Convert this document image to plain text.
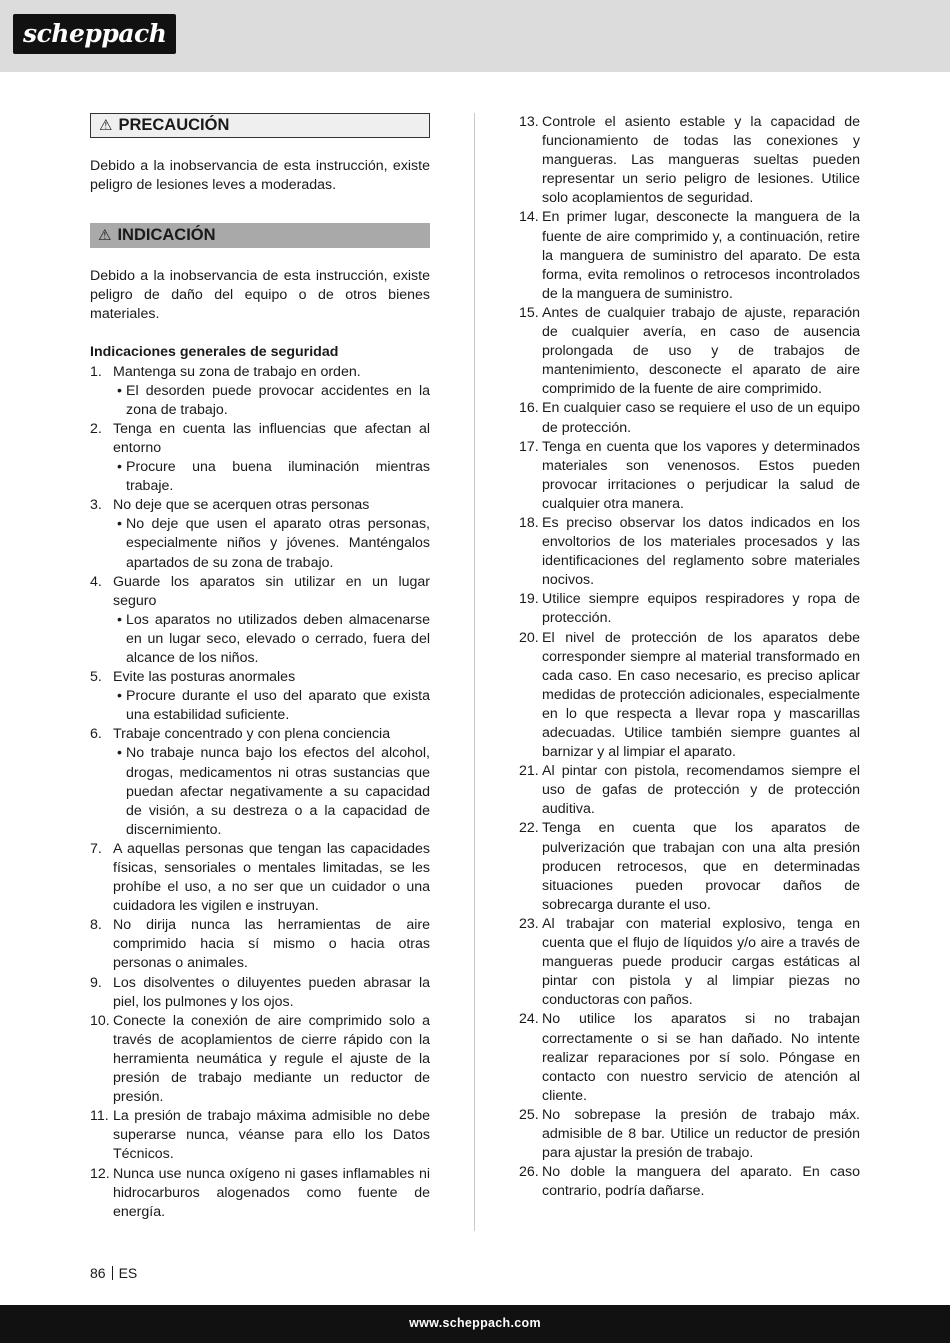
scheppach
⚠ PRECAUCIÓN

Debido a la inobservancia de esta instrucción, existe peligro de lesiones leves a moderadas.

⚠ INDICACIÓN

Debido a la inobservancia de esta instrucción, existe peligro de daño del equipo o de otros bienes materiales.

Indicaciones generales de seguridad
1. Mantenga su zona de trabajo en orden.
• El desorden puede provocar accidentes en la zona de trabajo.
2. Tenga en cuenta las influencias que afectan al entorno
• Procure una buena iluminación mientras trabaje.
3. No deje que se acerquen otras personas
• No deje que usen el aparato otras personas, especialmente niños y jóvenes. Manténgalos apartados de su zona de trabajo.
4. Guarde los aparatos sin utilizar en un lugar seguro
• Los aparatos no utilizados deben almacenarse en un lugar seco, elevado o cerrado, fuera del alcance de los niños.
5. Evite las posturas anormales
• Procure durante el uso del aparato que exista una estabilidad suficiente.
6. Trabaje concentrado y con plena conciencia
• No trabaje nunca bajo los efectos del alcohol, drogas, medicamentos ni otras sustancias que puedan afectar negativamente a su capacidad de visión, a su destreza o a la capacidad de discernimiento.
7. A aquellas personas que tengan las capacidades físicas, sensoriales o mentales limitadas, se les prohíbe el uso, a no ser que un cuidador o una cuidadora les vigilen e instruyan.
8. No dirija nunca las herramientas de aire comprimido hacia sí mismo o hacia otras personas o animales.
9. Los disolventes o diluyentes pueden abrasar la piel, los pulmones y los ojos.
10. Conecte la conexión de aire comprimido solo a través de acoplamientos de cierre rápido con la herramienta neumática y regule el ajuste de la presión de trabajo mediante un reductor de presión.
11. La presión de trabajo máxima admisible no debe superarse nunca, véanse para ello los Datos Técnicos.
12. Nunca use nunca oxígeno ni gases inflamables ni hidrocarburos alogenados como fuente de energía.
13. Controle el asiento estable y la capacidad de funcionamiento de todas las conexiones y mangueras. Las mangueras sueltas pueden representar un serio peligro de lesiones. Utilice solo acoplamientos de seguridad.
14. En primer lugar, desconecte la manguera de la fuente de aire comprimido y, a continuación, retire la manguera de suministro del aparato. De esta forma, evita remolinos o retrocesos incontrolados de la manguera de suministro.
15. Antes de cualquier trabajo de ajuste, reparación de cualquier avería, en caso de ausencia prolongada de uso y de trabajos de mantenimiento, desconecte el aparato de aire comprimido de la fuente de aire comprimido.
16. En cualquier caso se requiere el uso de un equipo de protección.
17. Tenga en cuenta que los vapores y determinados materiales son venenosos. Estos pueden provocar irritaciones o perjudicar la salud de cualquier otra manera.
18. Es preciso observar los datos indicados en los envoltorios de los materiales procesados y las identificaciones del reglamento sobre materiales nocivos.
19. Utilice siempre equipos respiradores y ropa de protección.
20. El nivel de protección de los aparatos debe corresponder siempre al material transformado en cada caso. En caso necesario, es preciso aplicar medidas de protección adicionales, especialmente en lo que respecta a llevar ropa y mascarillas adecuadas. Utilice también siempre guantes al barnizar y al limpiar el aparato.
21. Al pintar con pistola, recomendamos siempre el uso de gafas de protección y de protección auditiva.
22. Tenga en cuenta que los aparatos de pulverización que trabajan con una alta presión producen retrocesos, que en determinadas situaciones pueden provocar daños de sobrecarga durante el uso.
23. Al trabajar con material explosivo, tenga en cuenta que el flujo de líquidos y/o aire a través de mangueras puede producir cargas estáticas al pintar con pistola y al limpiar piezas no conductoras con paños.
24. No utilice los aparatos si no trabajan correctamente o si se han dañado. No intente realizar reparaciones por sí solo. Póngase en contacto con nuestro servicio de atención al cliente.
25. No sobrepase la presión de trabajo máx. admisible de 8 bar. Utilice un reductor de presión para ajustar la presión de trabajo.
26. No doble la manguera del aparato. En caso contrario, podría dañarse.
86 ES
www.scheppach.com
